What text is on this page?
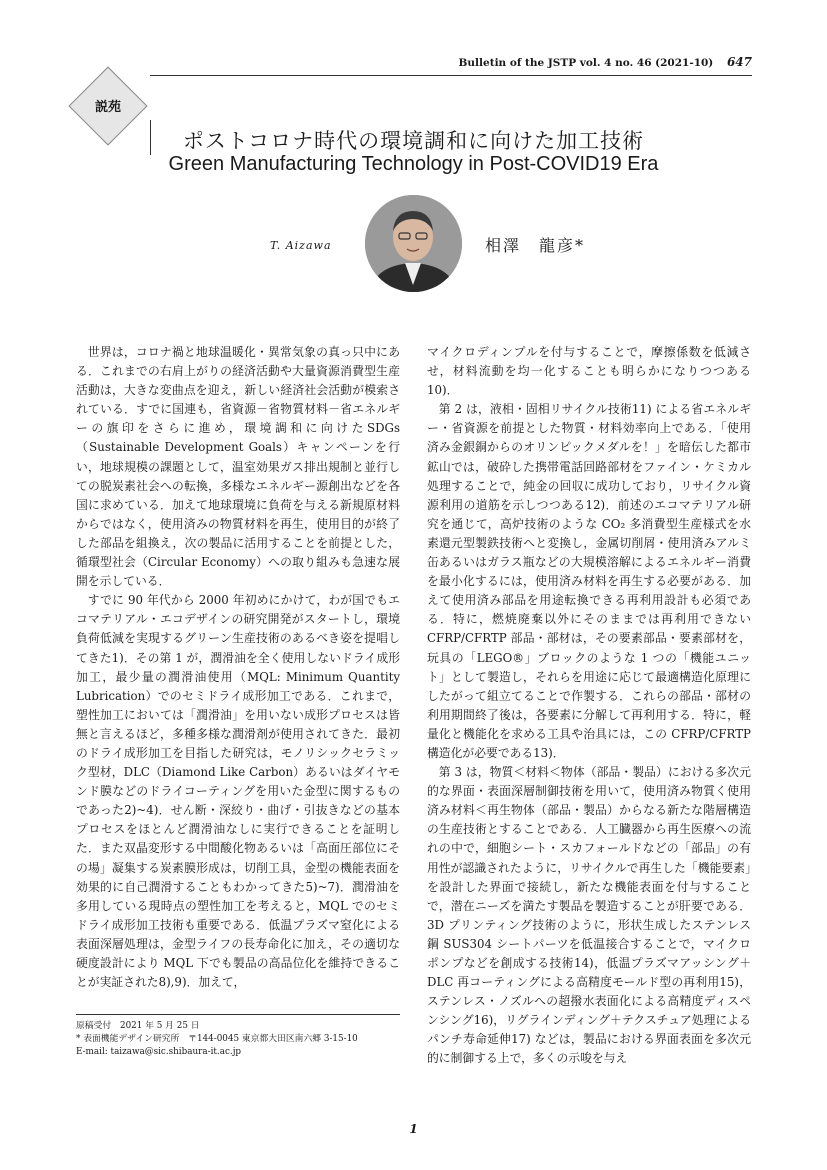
Bulletin of the JSTP vol. 4 no. 46 (2021-10) 647
説苑
ポストコロナ時代の環境調和に向けた加工技術
Green Manufacturing Technology in Post-COVID19 Era
T. Aizawa	相澤　龍彦*

世界は，コロナ禍と地球温暖化・異常気象の真っ只中にある．これまでの右肩上がりの経済活動や大量資源消費型生産活動は，大きな変曲点を迎え，新しい経済社会活動が模索されている．すでに国連も，省資源－省物質材料－省エネルギーの旗印をさらに進め，環境調和に向けたSDGs（Sustainable Development Goals）キャンペーンを行い，地球規模の課題として，温室効果ガス排出規制と並行しての脱炭素社会への転換，多様なエネルギー源創出などを各国に求めている．加えて地球環境に負荷を与える新規原材料からではなく，使用済みの物質材料を再生，使用目的が終了した部品を組換え，次の製品に活用することを前提とした，循環型社会（Circular Economy）への取り組みも急速な展開を示している．

すでに 90 年代から 2000 年初めにかけて，わが国でもエコマテリアル・エコデザインの研究開発がスタートし，環境負荷低減を実現するグリーン生産技術のあるべき姿を提唱してきた1)．その第 1 が，潤滑油を全く使用しないドライ成形加工，最少量の潤滑油使用（MQL: Minimum Quantity Lubrication）でのセミドライ成形加工である．これまで，塑性加工においては「潤滑油」を用いない成形プロセスは皆無と言えるほど，多種多様な潤滑剤が使用されてきた．最初のドライ成形加工を目指した研究は，モノリシックセラミック型材，DLC（Diamond Like Carbon）あるいはダイヤモンド膜などのドライコーティングを用いた金型に関するものであった2)~4)．せん断・深絞り・曲げ・引抜きなどの基本プロセスをほとんど潤滑油なしに実行できることを証明した．また双晶変形する中間酸化物あるいは「高面圧部位にその場」凝集する炭素膜形成は，切削工具，金型の機能表面を効果的に自己潤滑することもわかってきた5)~7)．潤滑油を多用している現時点の塑性加工を考えると，MQL でのセミドライ成形加工技術も重要である．低温プラズマ窒化による表面深層処理は，金型ライフの長寿命化に加え，その適切な硬度設計により MQL 下でも製品の高品位化を維持できることが実証された8),9)．加えて，

マイクロディンプルを付与することで，摩擦係数を低減させ，材料流動を均一化することも明らかになりつつある10)．

第 2 は，液相・固相リサイクル技術11) による省エネルギー・省資源を前提とした物質・材料効率向上である．「使用済み金銀銅からのオリンピックメダルを！」を暗伝した都市鉱山では，破砕した携帯電話回路部材をファイン・ケミカル処理することで，純金の回収に成功しており，リサイクル資源利用の道筋を示しつつある12)．前述のエコマテリアル研究を通じて，高炉技術のような CO₂ 多消費型生産様式を水素還元型製鉄技術へと変換し，金属切削屑・使用済みアルミ缶あるいはガラス瓶などの大規模溶解によるエネルギー消費を最小化するには，使用済み材料を再生する必要がある．加えて使用済み部品を用途転換できる再利用設計も必須である．特に，燃焼廃棄以外にそのままでは再利用できない CFRP/CFRTP 部品・部材は，その要素部品・要素部材を，玩具の「LEGO®」ブロックのような 1 つの「機能ユニット」として製造し，それらを用途に応じて最適構造化原理にしたがって組立てることで作製する．これらの部品・部材の利用期間終了後は，各要素に分解して再利用する．特に，軽量化と機能化を求める工具や治具には，この CFRP/CFRTP 構造化が必要である13)．

第 3 は，物質＜材料＜物体（部品・製品）における多次元的な界面・表面深層制御技術を用いて，使用済み物質く使用済み材料＜再生物体（部品・製品）からなる新たな階層構造の生産技術とすることである．人工臓器から再生医療への流れの中で，細胞シート・スカフォールドなどの「部品」の有用性が認識されたように，リサイクルで再生した「機能要素」を設計した界面で接続し，新たな機能表面を付与することで，潜在ニーズを満たす製品を製造することが肝要である．3D プリンティング技術のように，形状生成したステンレス鋼 SUS304 シートパーツを低温接合することで，マイクロポンプなどを創成する技術14)，低温プラズマアッシング＋DLC 再コーティングによる高精度モールド型の再利用15)，ステンレス・ノズルへの超撥水表面化による高精度ディスペンシング16)，リグラインディング＋テクスチュア処理によるパンチ寿命延伸17) などは，製品における界面表面を多次元的に制御する上で，多くの示唆を与え

原稿受付　2021 年 5 月 25 日
* 表面機能デザイン研究所　〒144-0045 東京都大田区南六郷 3-15-10
E-mail: taizawa@sic.shibaura-it.ac.jp
1
